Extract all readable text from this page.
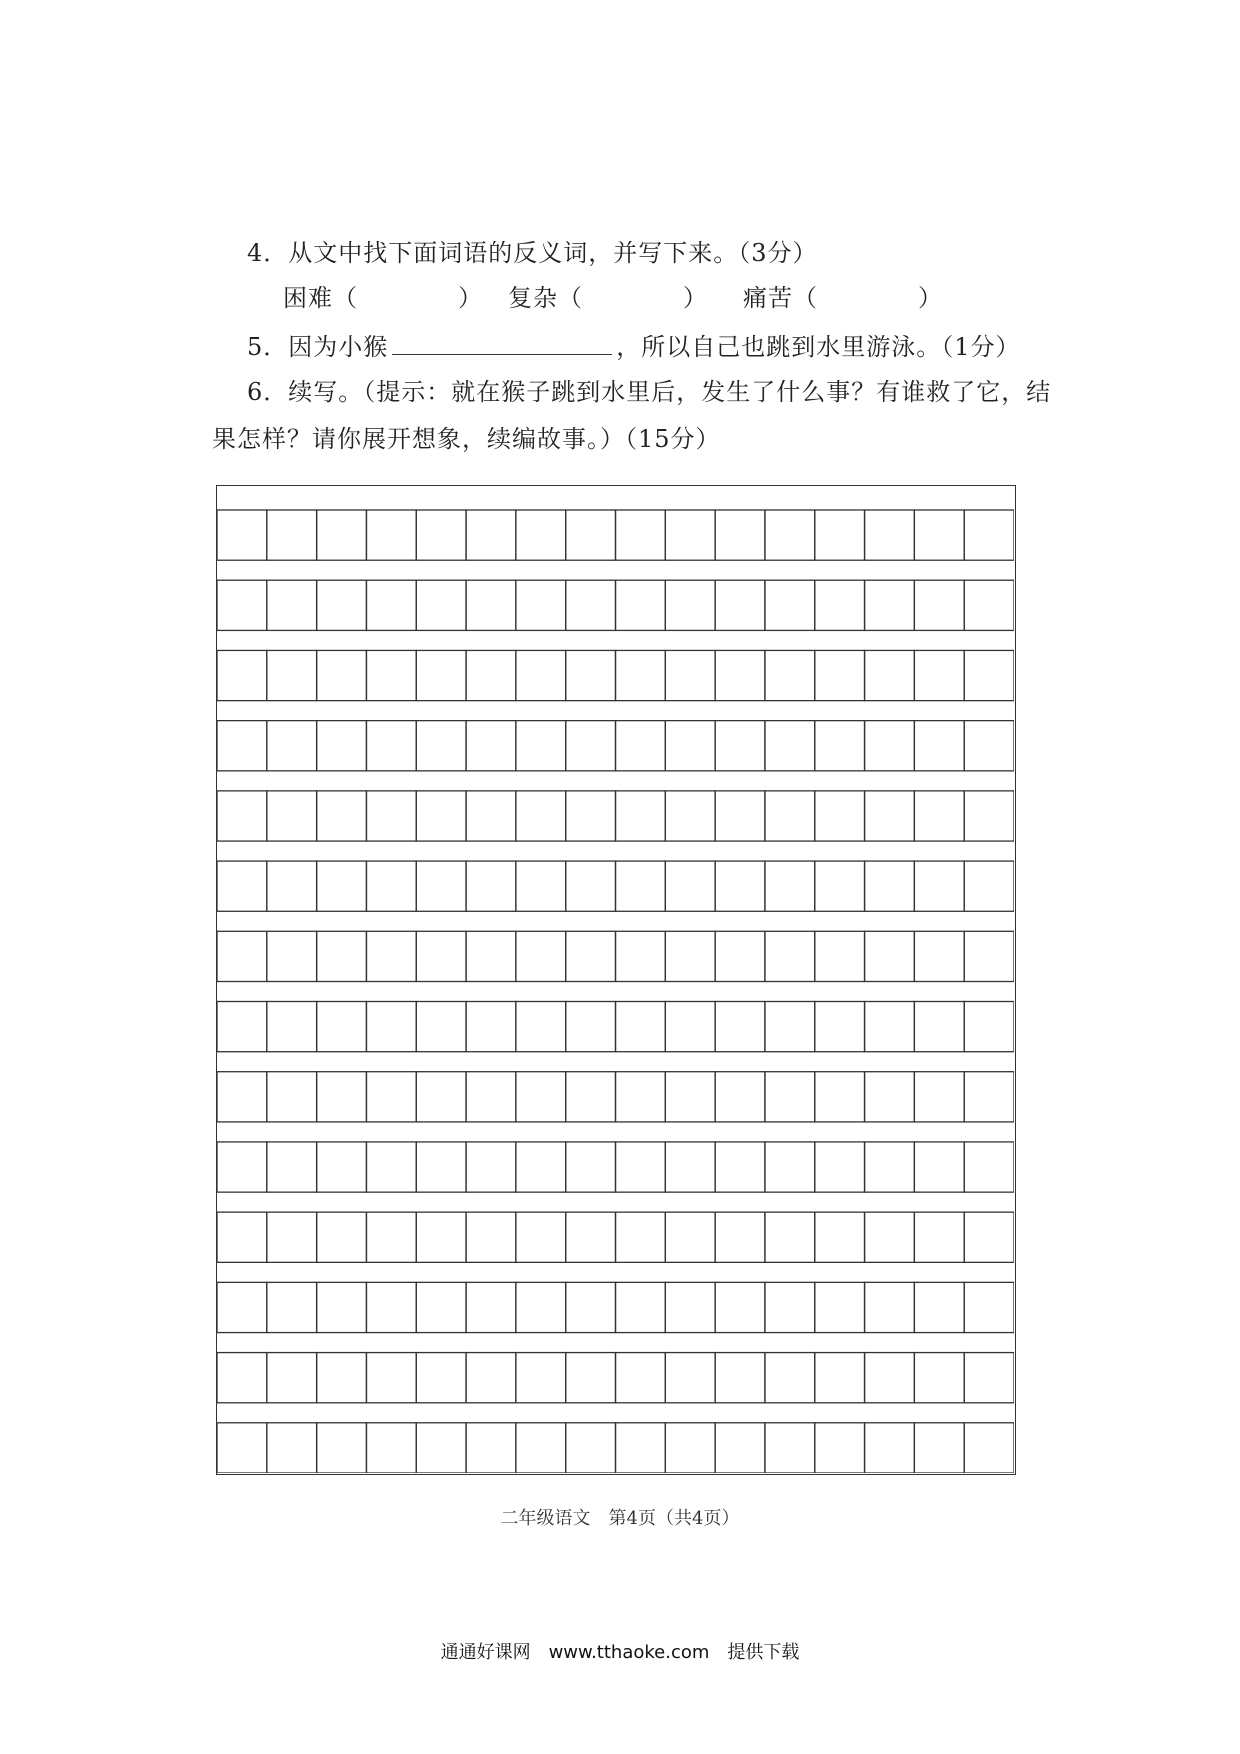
4．从文中找下面词语的反义词，并写下来。（3分）
困难（　　　　） 复杂（　　　　） 痛苦（　　　　）
5．因为小猴	，所以自己也跳到水里游泳。（1分）
6．续写。（提示：就在猴子跳到水里后，发生了什么事？有谁救了它，结
果怎样？请你展开想象，续编故事。）（15分）
二年级语文　第4页（共4页）
通通好课网　www.tthaoke.com　提供下载
